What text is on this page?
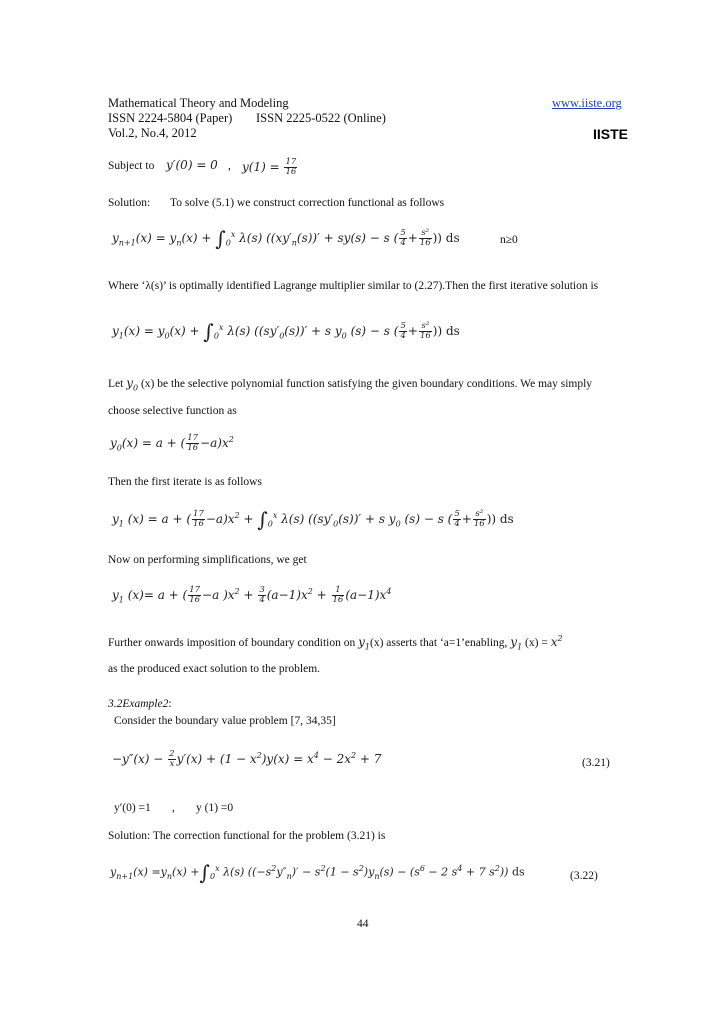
Mathematical Theory and Modeling	www.iiste.org
ISSN 2224-5804 (Paper) ISSN 2225-0522 (Online)
Vol.2, No.4, 2012	IISTE
Subject to y′(0) = 0 , $y(1) = \frac{17}{16}$
Solution: To solve (5.1) we construct correction functional as follows
$y_{n+1}(x) = y_n(x) + \int_0^x$ λ(s) ($(xy'_n(s))' + sy(s) - s$ ( $\frac{5}{4} + \frac{\text{s²}}{16}$ )) ds	n≥0
Where ‘λ(s)’ is optimally identified Lagrange multiplier similar to (2.27).Then the first iterative solution is
$y_1(x) = y_0(x) + \int_0^x$ λ(s) ($(sy'_0(s))' + s$ $y_0$ (s) − s ( $\frac{5}{4} + \frac{\text{s²}}{16}$ )) ds
Let $y_0$ (x) be the selective polynomial function satisfying the given boundary conditions. We may simply
choose selective function as
$y_0(x) = a$ + ( $\frac{17}{16} -a)x^2$
Then the first iterate is as follows
$y_1$ (x) = a + ( $\frac{17}{16} -a)x^2 + \int_0^x$ λ(s) ($(sy'_0(s))' + s$ $y_0$ (s) − s ( $\frac{5}{4} + \frac{\text{s²}}{16}$ )) ds
Now on performing simplifications, we get
$y_1$ (x)= a + ( $\frac{17}{16} -a$ )$x^2 + \frac{3}{4} (a-1)x^2 + \frac{1}{16} (a-1)x^4$
Further onwards imposition of boundary condition on $y_1(x)$ asserts that ‘a=1’enabling, $y_1$ $(x) = x^2$
as the produced exact solution to the problem.
3.2Example2:
Consider the boundary value problem [7, 34,35]
$-y''(x) - \frac{2}{x} y'(x) + (1 - x^2)y(x) = x^4 - 2x^2 + 7$	(3.21)
y′(0) =1 , y (1) =0
Solution: The correction functional for the problem (3.21) is
$y_{n+1}(x) =y_n(x) +\int_0^x$ λ(s) ($(-s^2y''_n)' - s^2(1 - s^2)y_n(s) - (s^6 - 2$ $s^4 + 7$ $s^2$)) ds	(3.22)
44
